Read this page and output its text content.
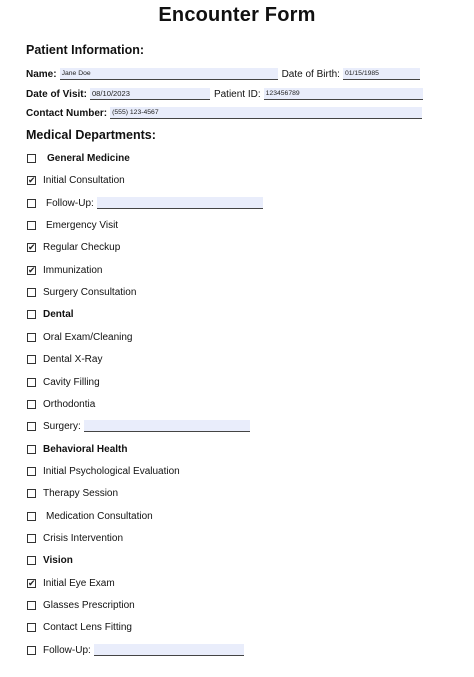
Encounter Form
Patient Information:
Name: Jane Doe	Date of Birth: 01/15/1985
Date of Visit: 08/10/2023	Patient ID: 123456789
Contact Number: (555) 123-4567
Medical Departments:
General Medicine
✔ Initial Consultation
Follow-Up:
Emergency Visit
✔ Regular Checkup
✔ Immunization
Surgery Consultation
Dental
Oral Exam/Cleaning
Dental X-Ray
Cavity Filling
Orthodontia
Surgery:
Behavioral Health
Initial Psychological Evaluation
Therapy Session
Medication Consultation
Crisis Intervention
Vision
✔ Initial Eye Exam
Glasses Prescription
Contact Lens Fitting
Follow-Up:
